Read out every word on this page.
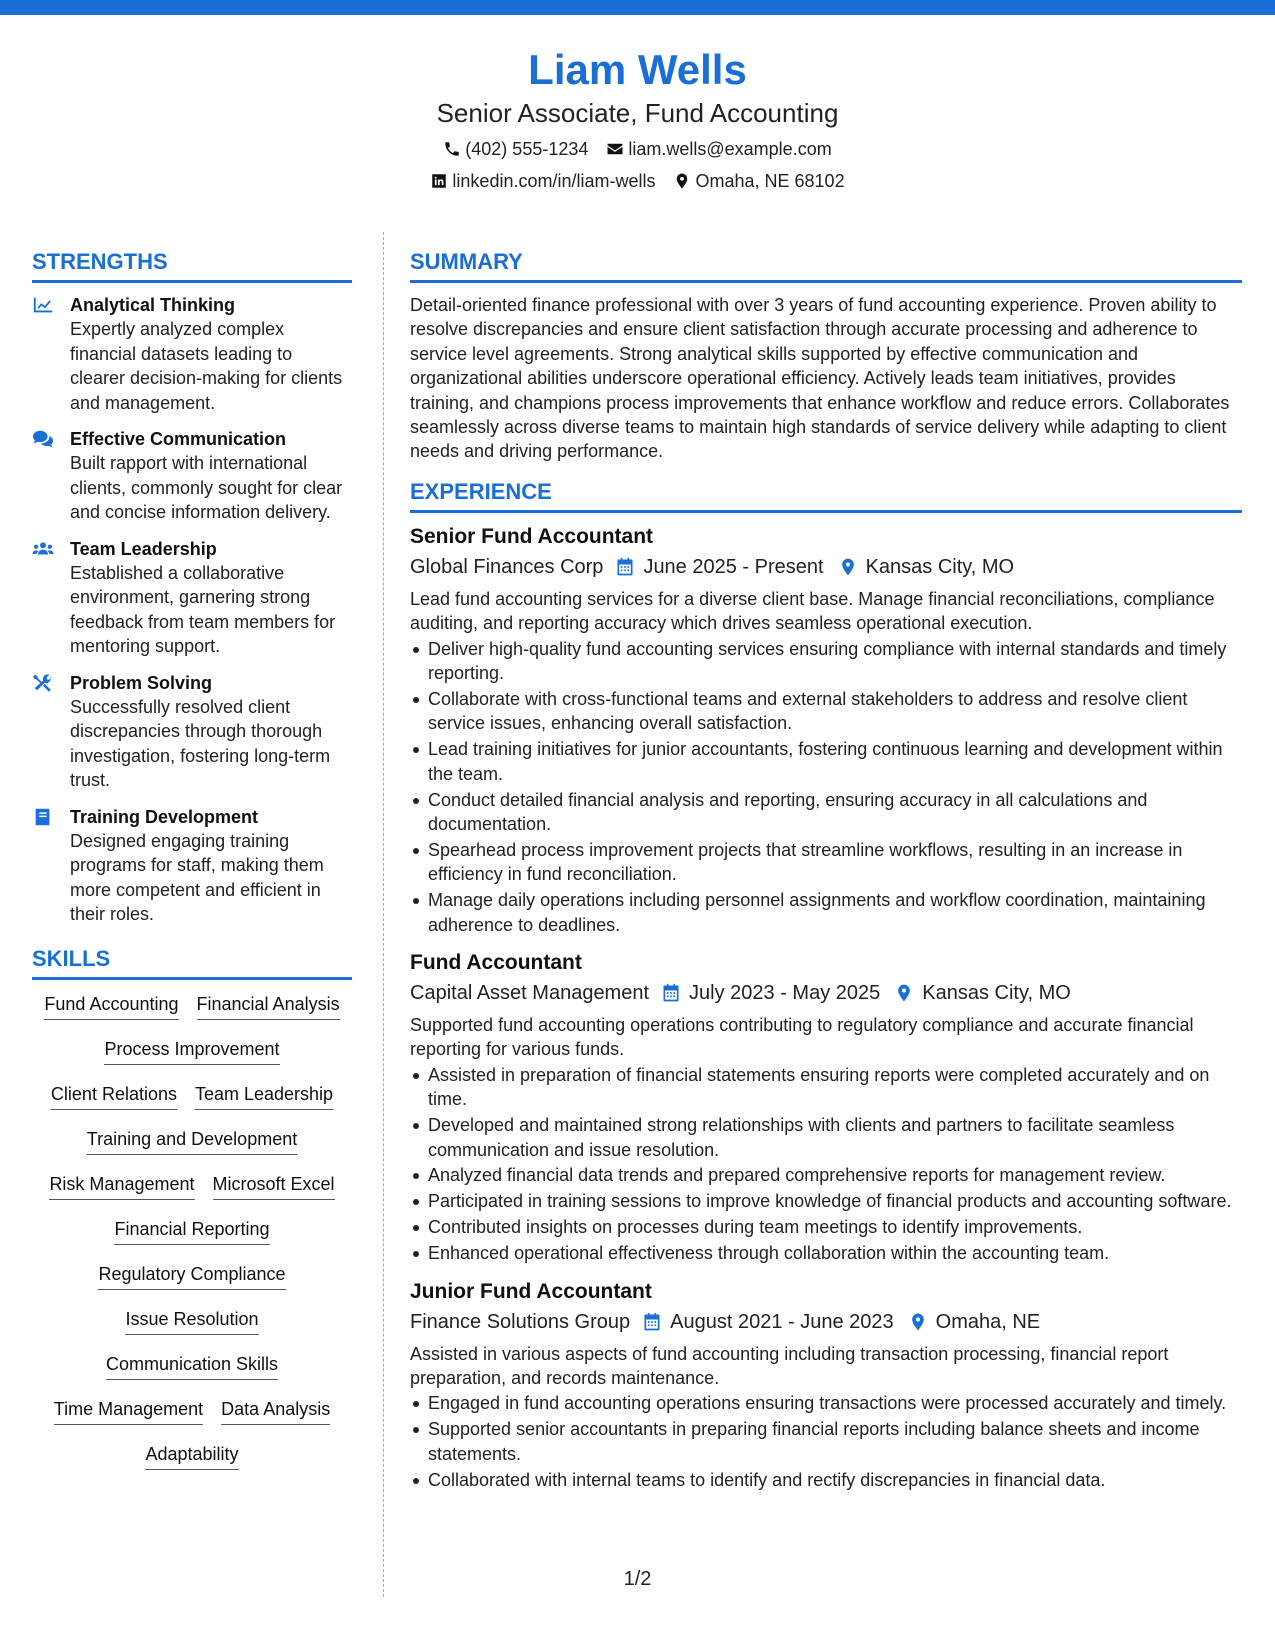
Liam Wells
Senior Associate, Fund Accounting
(402) 555-1234 liam.wells@example.com
linkedin.com/in/liam-wells Omaha, NE 68102
STRENGTHS
Analytical Thinking
Expertly analyzed complex financial datasets leading to clearer decision-making for clients and management.
Effective Communication
Built rapport with international clients, commonly sought for clear and concise information delivery.
Team Leadership
Established a collaborative environment, garnering strong feedback from team members for mentoring support.
Problem Solving
Successfully resolved client discrepancies through thorough investigation, fostering long-term trust.
Training Development
Designed engaging training programs for staff, making them more competent and efficient in their roles.
SKILLS
Fund Accounting Financial Analysis
Process Improvement
Client Relations Team Leadership
Training and Development
Risk Management Microsoft Excel
Financial Reporting
Regulatory Compliance
Issue Resolution
Communication Skills
Time Management Data Analysis
Adaptability
SUMMARY
Detail-oriented finance professional with over 3 years of fund accounting experience. Proven ability to resolve discrepancies and ensure client satisfaction through accurate processing and adherence to service level agreements. Strong analytical skills supported by effective communication and organizational abilities underscore operational efficiency. Actively leads team initiatives, provides training, and champions process improvements that enhance workflow and reduce errors. Collaborates seamlessly across diverse teams to maintain high standards of service delivery while adapting to client needs and driving performance.
EXPERIENCE
Senior Fund Accountant
Global Finances Corp June 2025 - Present Kansas City, MO
Lead fund accounting services for a diverse client base. Manage financial reconciliations, compliance auditing, and reporting accuracy which drives seamless operational execution.
Deliver high-quality fund accounting services ensuring compliance with internal standards and timely reporting.
Collaborate with cross-functional teams and external stakeholders to address and resolve client service issues, enhancing overall satisfaction.
Lead training initiatives for junior accountants, fostering continuous learning and development within the team.
Conduct detailed financial analysis and reporting, ensuring accuracy in all calculations and documentation.
Spearhead process improvement projects that streamline workflows, resulting in an increase in efficiency in fund reconciliation.
Manage daily operations including personnel assignments and workflow coordination, maintaining adherence to deadlines.
Fund Accountant
Capital Asset Management July 2023 - May 2025 Kansas City, MO
Supported fund accounting operations contributing to regulatory compliance and accurate financial reporting for various funds.
Assisted in preparation of financial statements ensuring reports were completed accurately and on time.
Developed and maintained strong relationships with clients and partners to facilitate seamless communication and issue resolution.
Analyzed financial data trends and prepared comprehensive reports for management review.
Participated in training sessions to improve knowledge of financial products and accounting software.
Contributed insights on processes during team meetings to identify improvements.
Enhanced operational effectiveness through collaboration within the accounting team.
Junior Fund Accountant
Finance Solutions Group August 2021 - June 2023 Omaha, NE
Assisted in various aspects of fund accounting including transaction processing, financial report preparation, and records maintenance.
Engaged in fund accounting operations ensuring transactions were processed accurately and timely.
Supported senior accountants in preparing financial reports including balance sheets and income statements.
Collaborated with internal teams to identify and rectify discrepancies in financial data.
1/2
